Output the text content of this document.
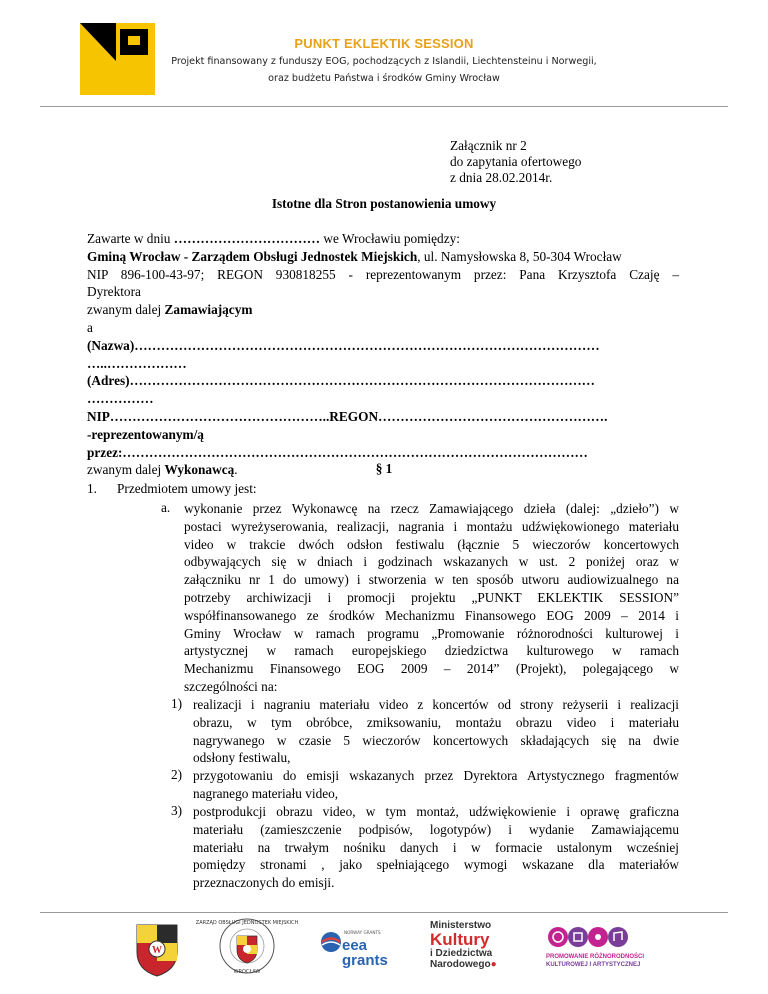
PUNKT EKLEKTIK SESSION
Projekt finansowany z funduszy EOG, pochodzących z Islandii, Liechtensteinu i Norwegii,
oraz budżetu Państwa i środków Gminy Wrocław
Załącznik nr 2
do zapytania ofertowego
z dnia 28.02.2014r.
Istotne dla Stron postanowienia umowy
Zawarte w dniu …………………………… we Wrocławiu pomiędzy:
Gminą Wrocław - Zarządem Obsługi Jednostek Miejskich, ul. Namysłowska 8, 50-304 Wrocław
NIP 896-100-43-97; REGON 930818255 - reprezentowanym przez: Pana Krzysztofa Czaję –
Dyrektora
zwanym dalej Zamawiającym
a
(Nazwa)……………………………………………………………………………………………
…..………………
(Adres)……………………………………………………………………………………………
……………
NIP…………………………………………..REGON…………………………………………….
-reprezentowanym/ą
przez:……………………………………………………………………………………………
zwanym dalej Wykonawcą.	§ 1
1. Przedmiotem umowy jest:
a. wykonanie przez Wykonawcę na rzecz Zamawiającego dzieła (dalej: „dzieło”) w
postaci wyreżyserowania, realizacji, nagrania i montażu udźwiękowionego materiału
video w trakcie dwóch odsłon festiwalu (łącznie 5 wieczorów koncertowych
odbywających się w dniach i godzinach wskazanych w ust. 2 poniżej oraz w
załączniku nr 1 do umowy) i stworzenia w ten sposób utworu audiowizualnego na
potrzeby archiwizacji i promocji projektu „PUNKT EKLEKTIK SESSION”
współfinansowanego ze środków Mechanizmu Finansowego EOG 2009 – 2014 i
Gminy Wrocław w ramach programu „Promowanie różnorodności kulturowej i
artystycznej w ramach europejskiego dziedzictwa kulturowego w ramach
Mechanizmu Finansowego EOG 2009 – 2014” (Projekt), polegającego w
szczególności na:
1) realizacji i nagraniu materiału video z koncertów od strony reżyserii i realizacji
obrazu, w tym obróbce, zmiksowaniu, montażu obrazu video i materiału
nagrywanego w czasie 5 wieczorów koncertowych składających się na dwie
odsłony festiwalu,
2) przygotowaniu do emisji wskazanych przez Dyrektora Artystycznego fragmentów
nagranego materiału video,
3) postprodukcji obrazu video, w tym montaż, udźwiękowienie i oprawę graficzna
materiału (zamieszczenie podpisów, logotypów) i wydanie Zamawiającemu
materiału na trwałym nośniku danych i w formacie ustalonym wcześniej
pomiędzy stronami , jako spełniającego wymogi wskazane dla materiałów
przeznaczonych do emisji.
W
ZARZĄD OBSŁUGI JEDNOSTEK MIEJSKICH
WROCŁAW
NORWAY GRANTS
eea
grants
Ministerstwo
Kultury
i Dziedzictwa
Narodowego●
PROMOWANIE RÓŻNORODNOŚCI
KULTUROWEJ I ARTYSTYCZNEJ
